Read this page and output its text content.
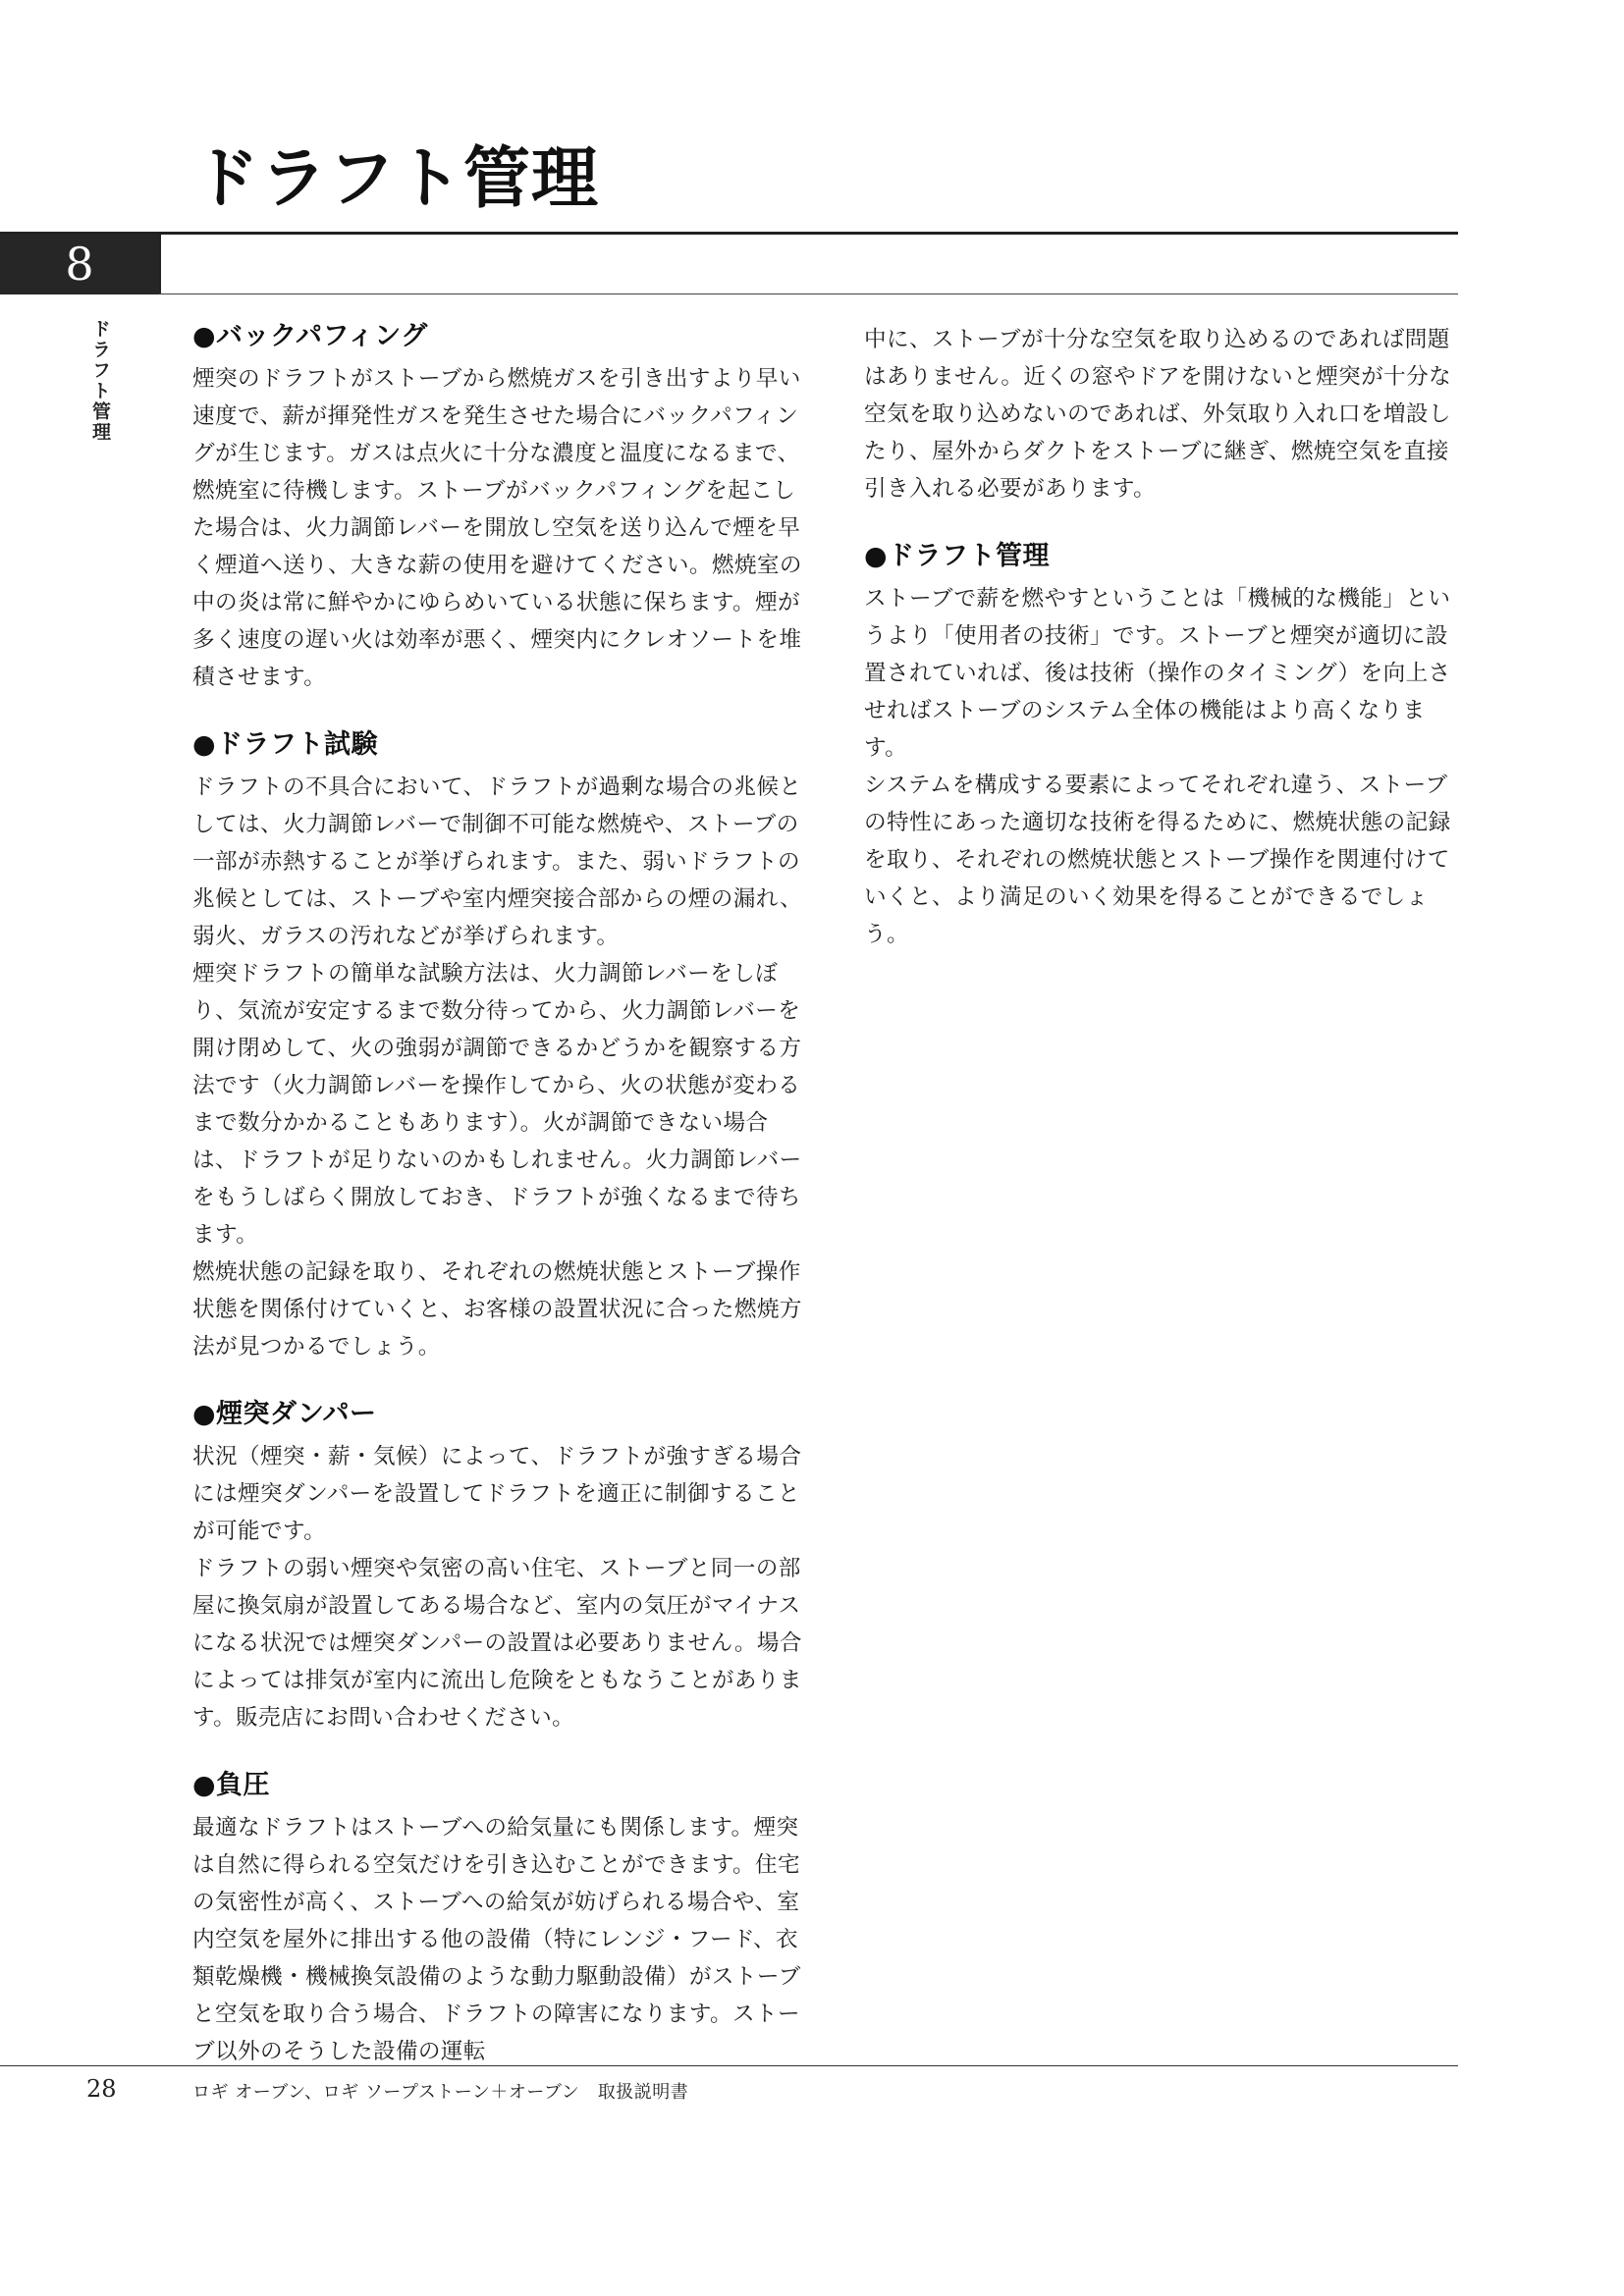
ドラフト管理
8
ドラフト管理	●バックパフィング

煙突のドラフトがストーブから燃焼ガスを引き出すより早い速度で、薪が揮発性ガスを発生させた場合にバックパフィングが生じます。ガスは点火に十分な濃度と温度になるまで、燃焼室に待機します。ストーブがバックパフィングを起こした場合は、火力調節レバーを開放し空気を送り込んで煙を早く煙道へ送り、大きな薪の使用を避けてください。燃焼室の中の炎は常に鮮やかにゆらめいている状態に保ちます。煙が多く速度の遅い火は効率が悪く、煙突内にクレオソートを堆積させます。

●ドラフト試験

ドラフトの不具合において、ドラフトが過剰な場合の兆候としては、火力調節レバーで制御不可能な燃焼や、ストーブの一部が赤熱することが挙げられます。また、弱いドラフトの兆候としては、ストーブや室内煙突接合部からの煙の漏れ、弱火、ガラスの汚れなどが挙げられます。

煙突ドラフトの簡単な試験方法は、火力調節レバーをしぼり、気流が安定するまで数分待ってから、火力調節レバーを開け閉めして、火の強弱が調節できるかどうかを観察する方法です（火力調節レバーを操作してから、火の状態が変わるまで数分かかることもあります）。火が調節できない場合は、ドラフトが足りないのかもしれません。火力調節レバーをもうしばらく開放しておき、ドラフトが強くなるまで待ちます。

燃焼状態の記録を取り、それぞれの燃焼状態とストーブ操作状態を関係付けていくと、お客様の設置状況に合った燃焼方法が見つかるでしょう。

●煙突ダンパー

状況（煙突・薪・気候）によって、ドラフトが強すぎる場合には煙突ダンパーを設置してドラフトを適正に制御することが可能です。

ドラフトの弱い煙突や気密の高い住宅、ストーブと同一の部屋に換気扇が設置してある場合など、室内の気圧がマイナスになる状況では煙突ダンパーの設置は必要ありません。場合によっては排気が室内に流出し危険をともなうことがあります。販売店にお問い合わせください。

●負圧

最適なドラフトはストーブへの給気量にも関係します。煙突は自然に得られる空気だけを引き込むことができます。住宅の気密性が高く、ストーブへの給気が妨げられる場合や、室内空気を屋外に排出する他の設備（特にレンジ・フード、衣類乾燥機・機械換気設備のような動力駆動設備）がストーブと空気を取り合う場合、ドラフトの障害になります。ストーブ以外のそうした設備の運転

中に、ストーブが十分な空気を取り込めるのであれば問題はありません。近くの窓やドアを開けないと煙突が十分な空気を取り込めないのであれば、外気取り入れ口を増設したり、屋外からダクトをストーブに継ぎ、燃焼空気を直接引き入れる必要があります。

●ドラフト管理

ストーブで薪を燃やすということは「機械的な機能」というより「使用者の技術」です。ストーブと煙突が適切に設置されていれば、後は技術（操作のタイミング）を向上させればストーブのシステム全体の機能はより高くなります。

システムを構成する要素によってそれぞれ違う、ストーブの特性にあった適切な技術を得るために、燃焼状態の記録を取り、それぞれの燃焼状態とストーブ操作を関連付けていくと、より満足のいく効果を得ることができるでしょう。

28	ロギ オーブン、ロギ ソープストーン＋オーブン　取扱説明書
